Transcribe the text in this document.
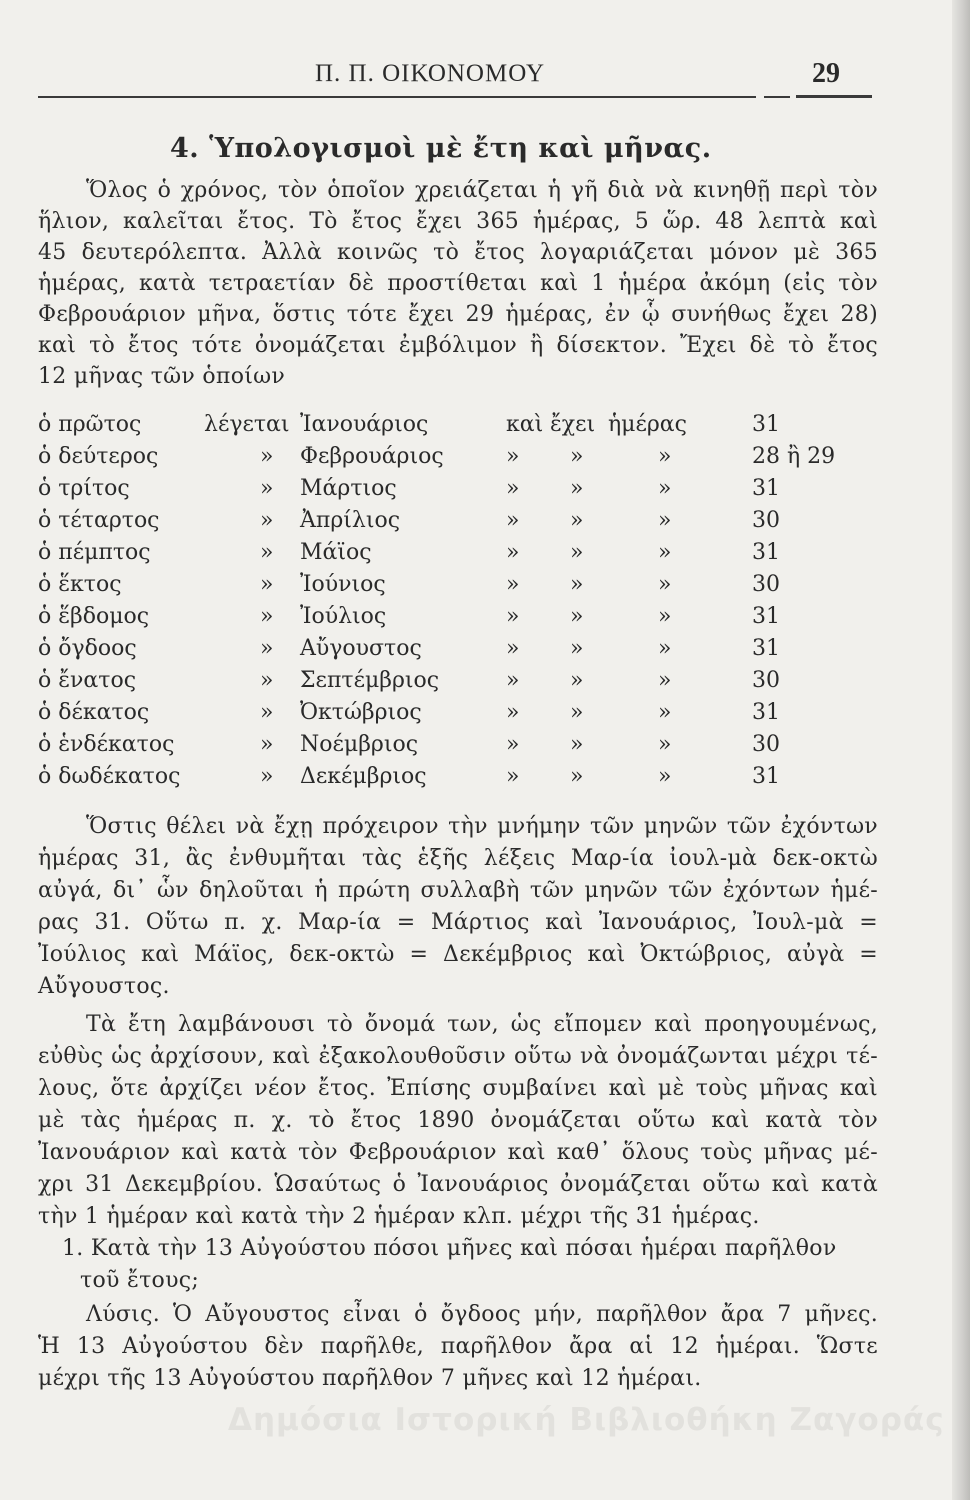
Π. Π. ΟΙΚΟΝΟΜΟΥ	29
4. Ὑπολογισμοὶ μὲ ἔτη καὶ μῆνας.
Ὅλος ὁ χρόνος, τὸν ὁποῖον χρειάζεται ἡ γῆ διὰ νὰ κινηθῇ περὶ τὸν
ἥλιον, καλεῖται ἔτος. Τὸ ἔτος ἔχει 365 ἡμέρας, 5 ὥρ. 48 λεπτὰ καὶ
45 δευτερόλεπτα. Ἀλλὰ κοινῶς τὸ ἔτος λογαριάζεται μόνον μὲ 365
ἡμέρας, κατὰ τετραετίαν δὲ προστίθεται καὶ 1 ἡμέρα ἀκόμη (εἰς τὸν
Φεβρουάριον μῆνα, ὅστις τότε ἔχει 29 ἡμέρας, ἐν ᾧ συνήθως ἔχει 28)
καὶ τὸ ἔτος τότε ὀνομάζεται ἐμβόλιμον ἢ δίσεκτον. Ἔχει δὲ τὸ ἔτος
12 μῆνας τῶν ὁποίων
ὁ πρῶτος	λέγεται Ἰανουάριος	καὶ ἔχει ἡμέρας	31
ὁ δεύτερος	» Φεβρουάριος	» »	»	28 ἢ 29
ὁ τρίτος	» Μάρτιος	» »	»	31
ὁ τέταρτος	» Ἀπρίλιος	» »	»	30
ὁ πέμπτος	» Μάϊος	» »	»	31
ὁ ἕκτος	» Ἰούνιος	» »	»	30
ὁ ἕβδομος	» Ἰούλιος	» »	»	31
ὁ ὄγδοος	» Αὔγουστος	» »	»	31
ὁ ἔνατος	» Σεπτέμβριος	» »	»	30
ὁ δέκατος	» Ὀκτώβριος	» »	»	31
ὁ ἑνδέκατος	» Νοέμβριος	» »	»	30
ὁ δωδέκατος	» Δεκέμβριος	» »	»	31
Ὅστις θέλει νὰ ἔχῃ πρόχειρον τὴν μνήμην τῶν μηνῶν τῶν ἐχόντων
ἡμέρας 31, ἂς ἐνθυμῆται τὰς ἑξῆς λέξεις Μαρ-ία ἰουλ-μὰ δεκ-οκτὼ
αὐγά, δι᾽ ὧν δηλοῦται ἡ πρώτη συλλαβὴ τῶν μηνῶν τῶν ἐχόντων ἡμέ-
ρας 31. Οὕτω π. χ. Μαρ-ία = Μάρτιος καὶ Ἰανουάριος, Ἰουλ-μὰ =
Ἰούλιος καὶ Μάϊος, δεκ-οκτὼ = Δεκέμβριος καὶ Ὀκτώβριος, αὐγὰ =
Αὔγουστος.
Τὰ ἔτη λαμβάνουσι τὸ ὄνομά των, ὡς εἴπομεν καὶ προηγουμένως,
εὐθὺς ὡς ἀρχίσουν, καὶ ἐξακολουθοῦσιν οὕτω νὰ ὀνομάζωνται μέχρι τέ-
λους, ὅτε ἀρχίζει νέον ἔτος. Ἐπίσης συμβαίνει καὶ μὲ τοὺς μῆνας καὶ
μὲ τὰς ἡμέρας π. χ. τὸ ἔτος 1890 ὀνομάζεται οὕτω καὶ κατὰ τὸν
Ἰανουάριον καὶ κατὰ τὸν Φεβρουάριον καὶ καθ᾽ ὅλους τοὺς μῆνας μέ-
χρι 31 Δεκεμβρίου. Ὡσαύτως ὁ Ἰανουάριος ὀνομάζεται οὕτω καὶ κατὰ
τὴν 1 ἡμέραν καὶ κατὰ τὴν 2 ἡμέραν κλπ. μέχρι τῆς 31 ἡμέρας.
1. Κατὰ τὴν 13 Αὐγούστου πόσοι μῆνες καὶ πόσαι ἡμέραι παρῆλθον
τοῦ ἔτους;
Λύσις. Ὁ Αὔγουστος εἶναι ὁ ὄγδοος μήν, παρῆλθον ἄρα 7 μῆνες.
Ἡ 13 Αὐγούστου δὲν παρῆλθε, παρῆλθον ἄρα αἱ 12 ἡμέραι. Ὥστε
μέχρι τῆς 13 Αὐγούστου παρῆλθον 7 μῆνες καὶ 12 ἡμέραι.
Δημόσια Ιστορική Βιβλιοθήκη Ζαγοράς
